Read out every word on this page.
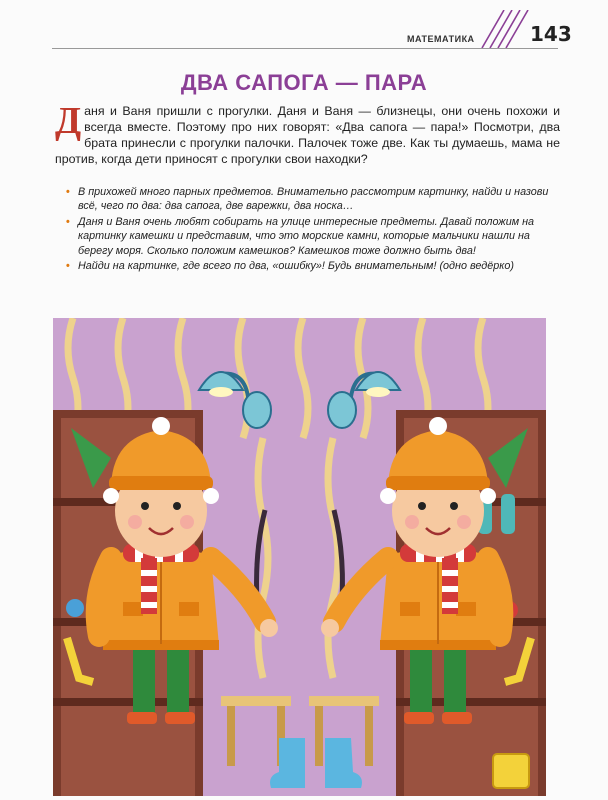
МАТЕМАТИКА	143
ДВА САПОГА — ПАРА
Даня и Ваня пришли с прогулки. Даня и Ваня — близнецы, они очень похожи и всегда вместе. Поэтому про них говорят: «Два сапога — пара!» Посмотри, два брата принесли с прогулки палочки. Палочек тоже две. Как ты думаешь, мама не против, когда дети приносят с прогулки свои находки?
• В прихожей много парных предметов. Внимательно рассмотрим картинку, найди и назови всё, чего по два: два сапога, две варежки, два носка…
• Даня и Ваня очень любят собирать на улице интересные предметы. Давай положим на картинку камешки и представим, что это морские камни, которые мальчики нашли на берегу моря. Сколько положим камешков? Камешков тоже должно быть два!
• Найди на картинке, где всего по два, «ошибку»! Будь внимательным! (одно ведёрко)
